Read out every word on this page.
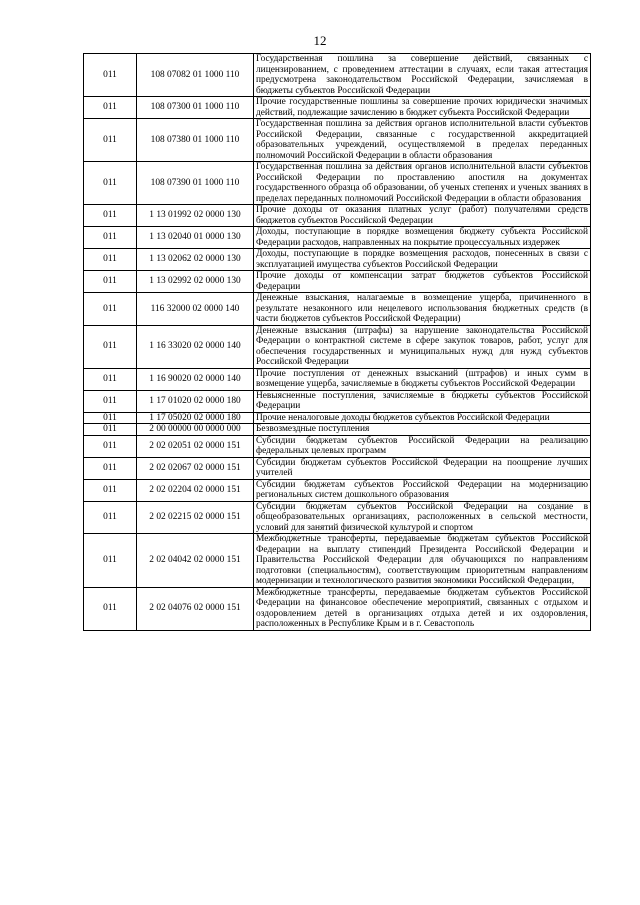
12
011	108 07082 01 1000 110	Государственная пошлина за совершение действий, связанных с лицензированием, с проведением аттестации в случаях, если такая аттестация предусмотрена законодательством Российской Федерации, зачисляемая в бюджеты субъектов Российской Федерации
011	108 07300 01 1000 110	Прочие государственные пошлины за совершение прочих юридически значимых действий, подлежащие зачислению в бюджет субъекта Российской Федерации
011	108 07380 01 1000 110	Государственная пошлина за действия органов исполнительной власти субъектов Российской Федерации, связанные с государственной аккредитацией образовательных учреждений, осуществляемой в пределах переданных полномочий Российской Федерации в области образования
011	108 07390 01 1000 110	Государственная пошлина за действия органов исполнительной власти субъектов Российской Федерации по проставлению апостиля на документах государственного образца об образовании, об ученых степенях и ученых званиях в пределах переданных полномочий Российской Федерации в области образования
011	1 13 01992 02 0000 130	Прочие доходы от оказания платных услуг (работ) получателями средств бюджетов субъектов Российской Федерации
011	1 13 02040 01 0000 130	Доходы, поступающие в порядке возмещения бюджету субъекта Российской Федерации расходов, направленных на покрытие процессуальных издержек
011	1 13 02062 02 0000 130	Доходы, поступающие в порядке возмещения расходов, понесенных в связи с эксплуатацией имущества субъектов Российской Федерации
011	1 13 02992 02 0000 130	Прочие доходы от компенсации затрат бюджетов субъектов Российской Федерации
011	116 32000 02 0000 140	Денежные взыскания, налагаемые в возмещение ущерба, причиненного в результате незаконного или нецелевого использования бюджетных средств (в части бюджетов субъектов Российской Федерации)
011	1 16 33020 02 0000 140	Денежные взыскания (штрафы) за нарушение законодательства Российской Федерации о контрактной системе в сфере закупок товаров, работ, услуг для обеспечения государственных и муниципальных нужд для нужд субъектов Российской Федерации
011	1 16 90020 02 0000 140	Прочие поступления от денежных взысканий (штрафов) и иных сумм в возмещение ущерба, зачисляемые в бюджеты субъектов Российской Федерации
011	1 17 01020 02 0000 180	Невыясненные поступления, зачисляемые в бюджеты субъектов Российской Федерации
011	1 17 05020 02 0000 180	Прочие неналоговые доходы бюджетов субъектов Российской Федерации
011	2 00 00000 00 0000 000	Безвозмездные поступления
011	2 02 02051 02 0000 151	Субсидии бюджетам субъектов Российской Федерации на реализацию федеральных целевых программ
011	2 02 02067 02 0000 151	Субсидии бюджетам субъектов Российской Федерации на поощрение лучших учителей
011	2 02 02204 02 0000 151	Субсидии бюджетам субъектов Российской Федерации на модернизацию региональных систем дошкольного образования
011	2 02 02215 02 0000 151	Субсидии бюджетам субъектов Российской Федерации на создание в общеобразовательных организациях, расположенных в сельской местности, условий для занятий физической культурой и спортом
011	2 02 04042 02 0000 151	Межбюджетные трансферты, передаваемые бюджетам субъектов Российской Федерации на выплату стипендий Президента Российской Федерации и Правительства Российской Федерации для обучающихся по направлениям подготовки (специальностям), соответствующим приоритетным направлениям модернизации и технологического развития экономики Российской Федерации,
011	2 02 04076 02 0000 151	Межбюджетные трансферты, передаваемые бюджетам субъектов Российской Федерации на финансовое обеспечение мероприятий, связанных с отдыхом и оздоровлением детей в организациях отдыха детей и их оздоровления, расположенных в Республике Крым и в г. Севастополь
